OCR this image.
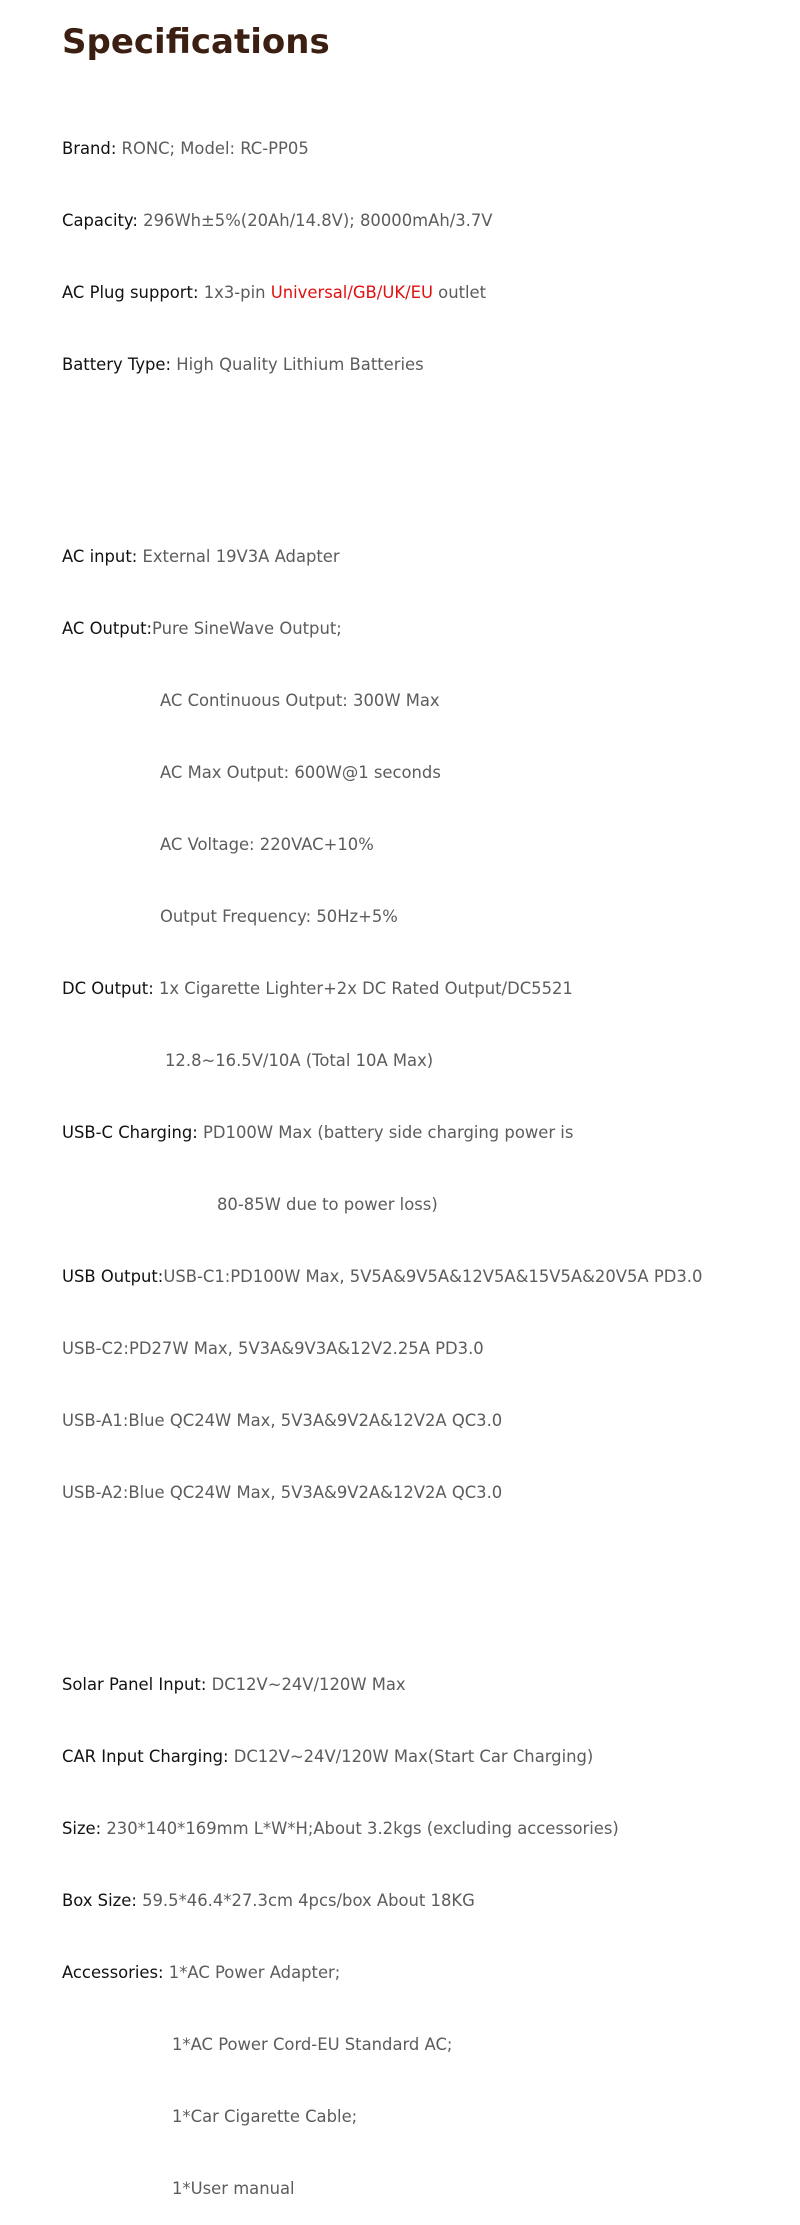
Specifications

Brand: RONC; Model: RC-PP05

Capacity: 296Wh±5%(20Ah/14.8V); 80000mAh/3.7V

AC Plug support: 1x3-pin Universal/GB/UK/EU outlet

Battery Type: High Quality Lithium Batteries

AC input: External 19V3A Adapter

AC Output:Pure SineWave Output;

AC Continuous Output: 300W Max

AC Max Output: 600W@1 seconds

AC Voltage: 220VAC+10%

Output Frequency: 50Hz+5%

DC Output: 1x Cigarette Lighter+2x DC Rated Output/DC5521

12.8~16.5V/10A (Total 10A Max)

USB-C Charging: PD100W Max (battery side charging power is

80-85W due to power loss)

USB Output:USB-C1:PD100W Max, 5V5A&9V5A&12V5A&15V5A&20V5A PD3.0

USB-C2:PD27W Max, 5V3A&9V3A&12V2.25A PD3.0

USB-A1:Blue QC24W Max, 5V3A&9V2A&12V2A QC3.0

USB-A2:Blue QC24W Max, 5V3A&9V2A&12V2A QC3.0

Solar Panel Input: DC12V~24V/120W Max

CAR Input Charging: DC12V~24V/120W Max(Start Car Charging)

Size: 230*140*169mm L*W*H;About 3.2kgs (excluding accessories)

Box Size: 59.5*46.4*27.3cm 4pcs/box About 18KG

Accessories: 1*AC Power Adapter;

1*AC Power Cord-EU Standard AC;

1*Car Cigarette Cable;

1*User manual
